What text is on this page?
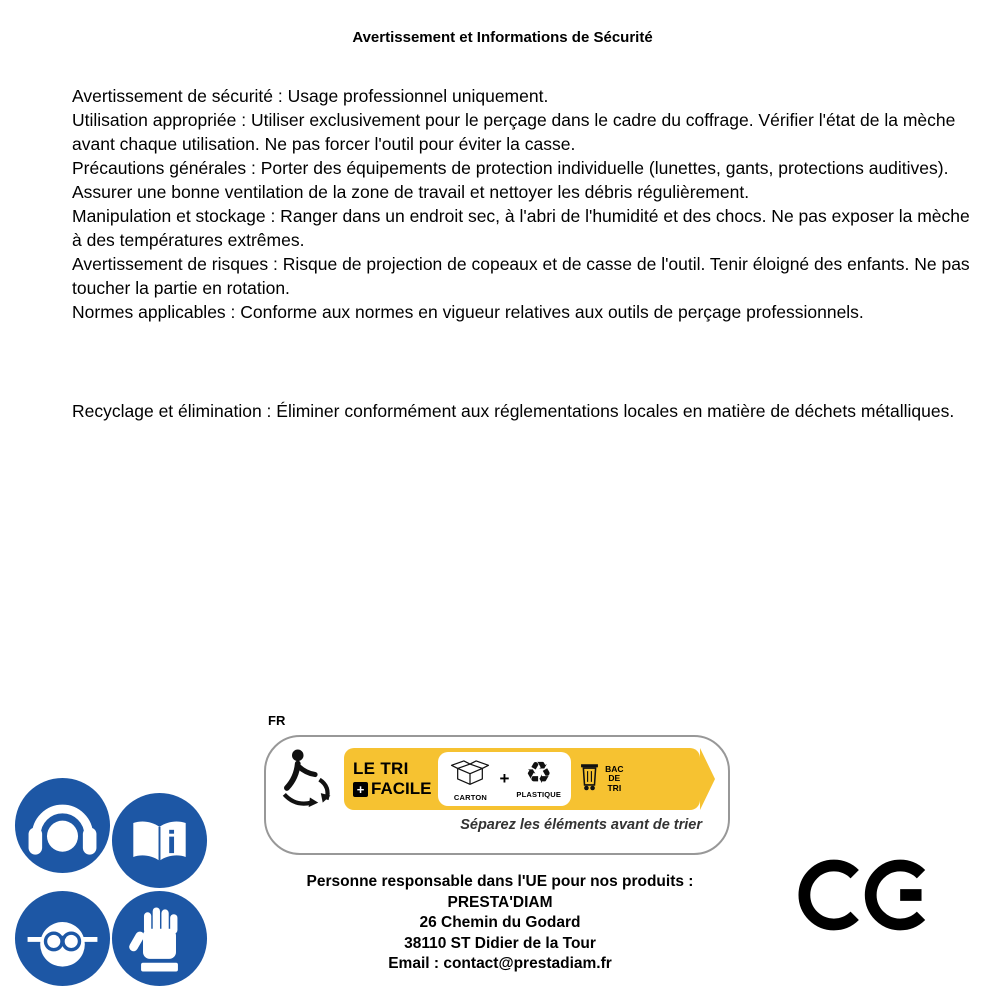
Avertissement et Informations de Sécurité

Avertissement de sécurité : Usage professionnel uniquement.

Utilisation appropriée : Utiliser exclusivement pour le perçage dans le cadre du coffrage. Vérifier l'état de la mèche avant chaque utilisation. Ne pas forcer l'outil pour éviter la casse.

Précautions générales : Porter des équipements de protection individuelle (lunettes, gants, protections auditives). Assurer une bonne ventilation de la zone de travail et nettoyer les débris régulièrement.

Manipulation et stockage : Ranger dans un endroit sec, à l'abri de l'humidité et des chocs. Ne pas exposer la mèche à des températures extrêmes.

Avertissement de risques : Risque de projection de copeaux et de casse de l'outil. Tenir éloigné des enfants. Ne pas toucher la partie en rotation.

Normes applicables : Conforme aux normes en vigueur relatives aux outils de perçage professionnels.

Recyclage et élimination : Éliminer conformément aux réglementations locales en matière de déchets métalliques.

FR
LE TRI
+ FACILE	CARTON
+ ♻
PLASTIQUE
BAC
DE
TRI
Séparez les éléments avant de trier
Personne responsable dans l'UE pour nos produits :
PRESTA'DIAM
26 Chemin du Godard
38110 ST Didier de la Tour
Email : contact@prestadiam.fr
